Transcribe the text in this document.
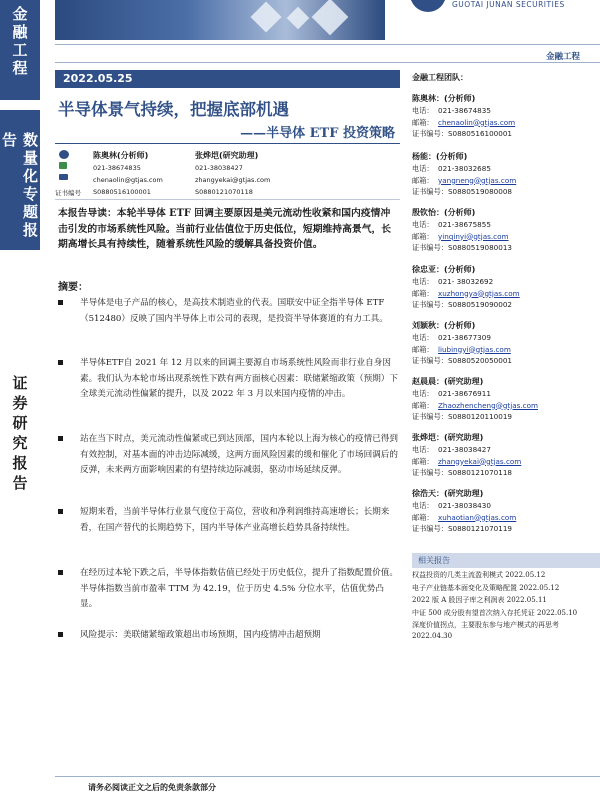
金融工程
数量化专题报告
证券研究报告
GUOTAI JUNAN SECURITIES
金融工程
2022.05.25
半导体景气持续，把握底部机遇
——半导体 ETF 投资策略
证书编号
陈奥林(分析师)
021-38674835
chenaolin@gtjas.com
S0880516100001
张烨垲(研究助理)
021-38038427
zhangyekai@gtjas.com
S0880121070118
本报告导读：本轮半导体 ETF 回调主要原因是美元流动性收紧和国内疫情冲击引发的市场系统性风险。当前行业估值位于历史低位，短期维持高景气，长期高增长具有持续性，随着系统性风险的缓解具备投资价值。
摘要：
半导体是电子产品的核心，是高技术制造业的代表。国联安中证全指半导体 ETF（512480）反映了国内半导体上市公司的表现，是投资半导体赛道的有力工具。
半导体ETF自 2021 年 12 月以来的回调主要源自市场系统性风险而非行业自身因素。我们认为本轮市场出现系统性下跌有两方面核心因素：联储紧缩政策（预期）下全球美元流动性偏紧的提升，以及 2022 年 3 月以来国内疫情的冲击。
站在当下时点，美元流动性偏紧或已到达顶部，国内本轮以上海为核心的疫情已得到有效控制，对基本面的冲击边际减缓，这两方面风险因素的缓和催化了市场回调后的反弹，未来两方面影响因素的有望持续边际减弱，驱动市场延续反弹。
短期来看，当前半导体行业景气度位于高位，营收和净利润维持高速增长；长期来看，在国产替代的长期趋势下，国内半导体产业高增长趋势具备持续性。
在经历过本轮下跌之后，半导体指数估值已经处于历史低位，提升了指数配置价值。半导体指数当前市盈率 TTM 为 42.19，位于历史 4.5% 分位水平，估值优势凸显。
风险提示：美联储紧缩政策超出市场预期，国内疫情冲击超预期
请务必阅读正文之后的免责条款部分
金融工程团队：
陈奥林：(分析师)
电话： 021-38674835
邮箱： chenaolin@gtjas.com
证书编号：S0880516100001
杨能：(分析师)
电话： 021-38032685
邮箱： yangneng@gtjas.com
证书编号：S0880519080008
殷钦怡：(分析师)
电话： 021-38675855
邮箱： yinqinyi@gtjas.com
证书编号：S0880519080013
徐忠亚：(分析师)
电话： 021- 38032692
邮箱： xuzhongya@gtjas.com
证书编号：S0880519090002
刘颖秋：(分析师)
电话： 021-38677309
邮箱： liubingyi@gtjas.com
证书编号：S0880520050001
赵晨晨：(研究助理)
电话： 021-38676911
邮箱： Zhaozhencheng@gtjas.com
证书编号：S0880120110019
张烨垲：(研究助理)
电话： 021-38038427
邮箱： zhangyekai@gtjas.com
证书编号：S0880121070118
徐浩天：(研究助理)
电话： 021-38038430
邮箱： xuhaotian@gtjas.com
证书编号：S0880121070119
相关报告
权益投资的几类主流盈利模式 2022.05.12
电子产业链基本面变化及策略配置 2022.05.12
2022 版 A 股因子库之利润表 2022.05.11
中证 500 成分股有望首次纳入存托凭证 2022.05.10
深度价值拐点，主要股东参与地产模式的再思考 2022.04.30
